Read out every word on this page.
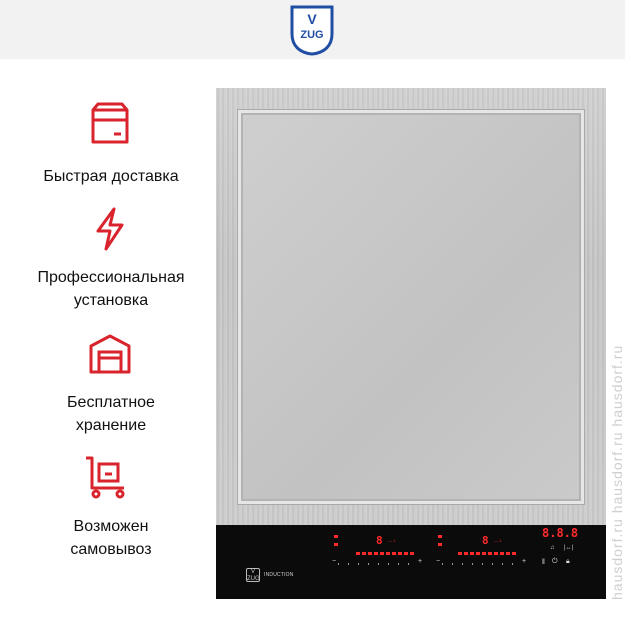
V
ZUG
Быстрая доставка
Профессиональная
установка
Бесплатное
хранение
Возможен
самовывоз
V ZUG
INDUCTION
8 — 1
−	+
8 — 1
−	+
8.8.8
♫ |↔|
‖ ⏻ 🔒︎	hausdorf.ru hausdorf.ru hausdorf.ru
